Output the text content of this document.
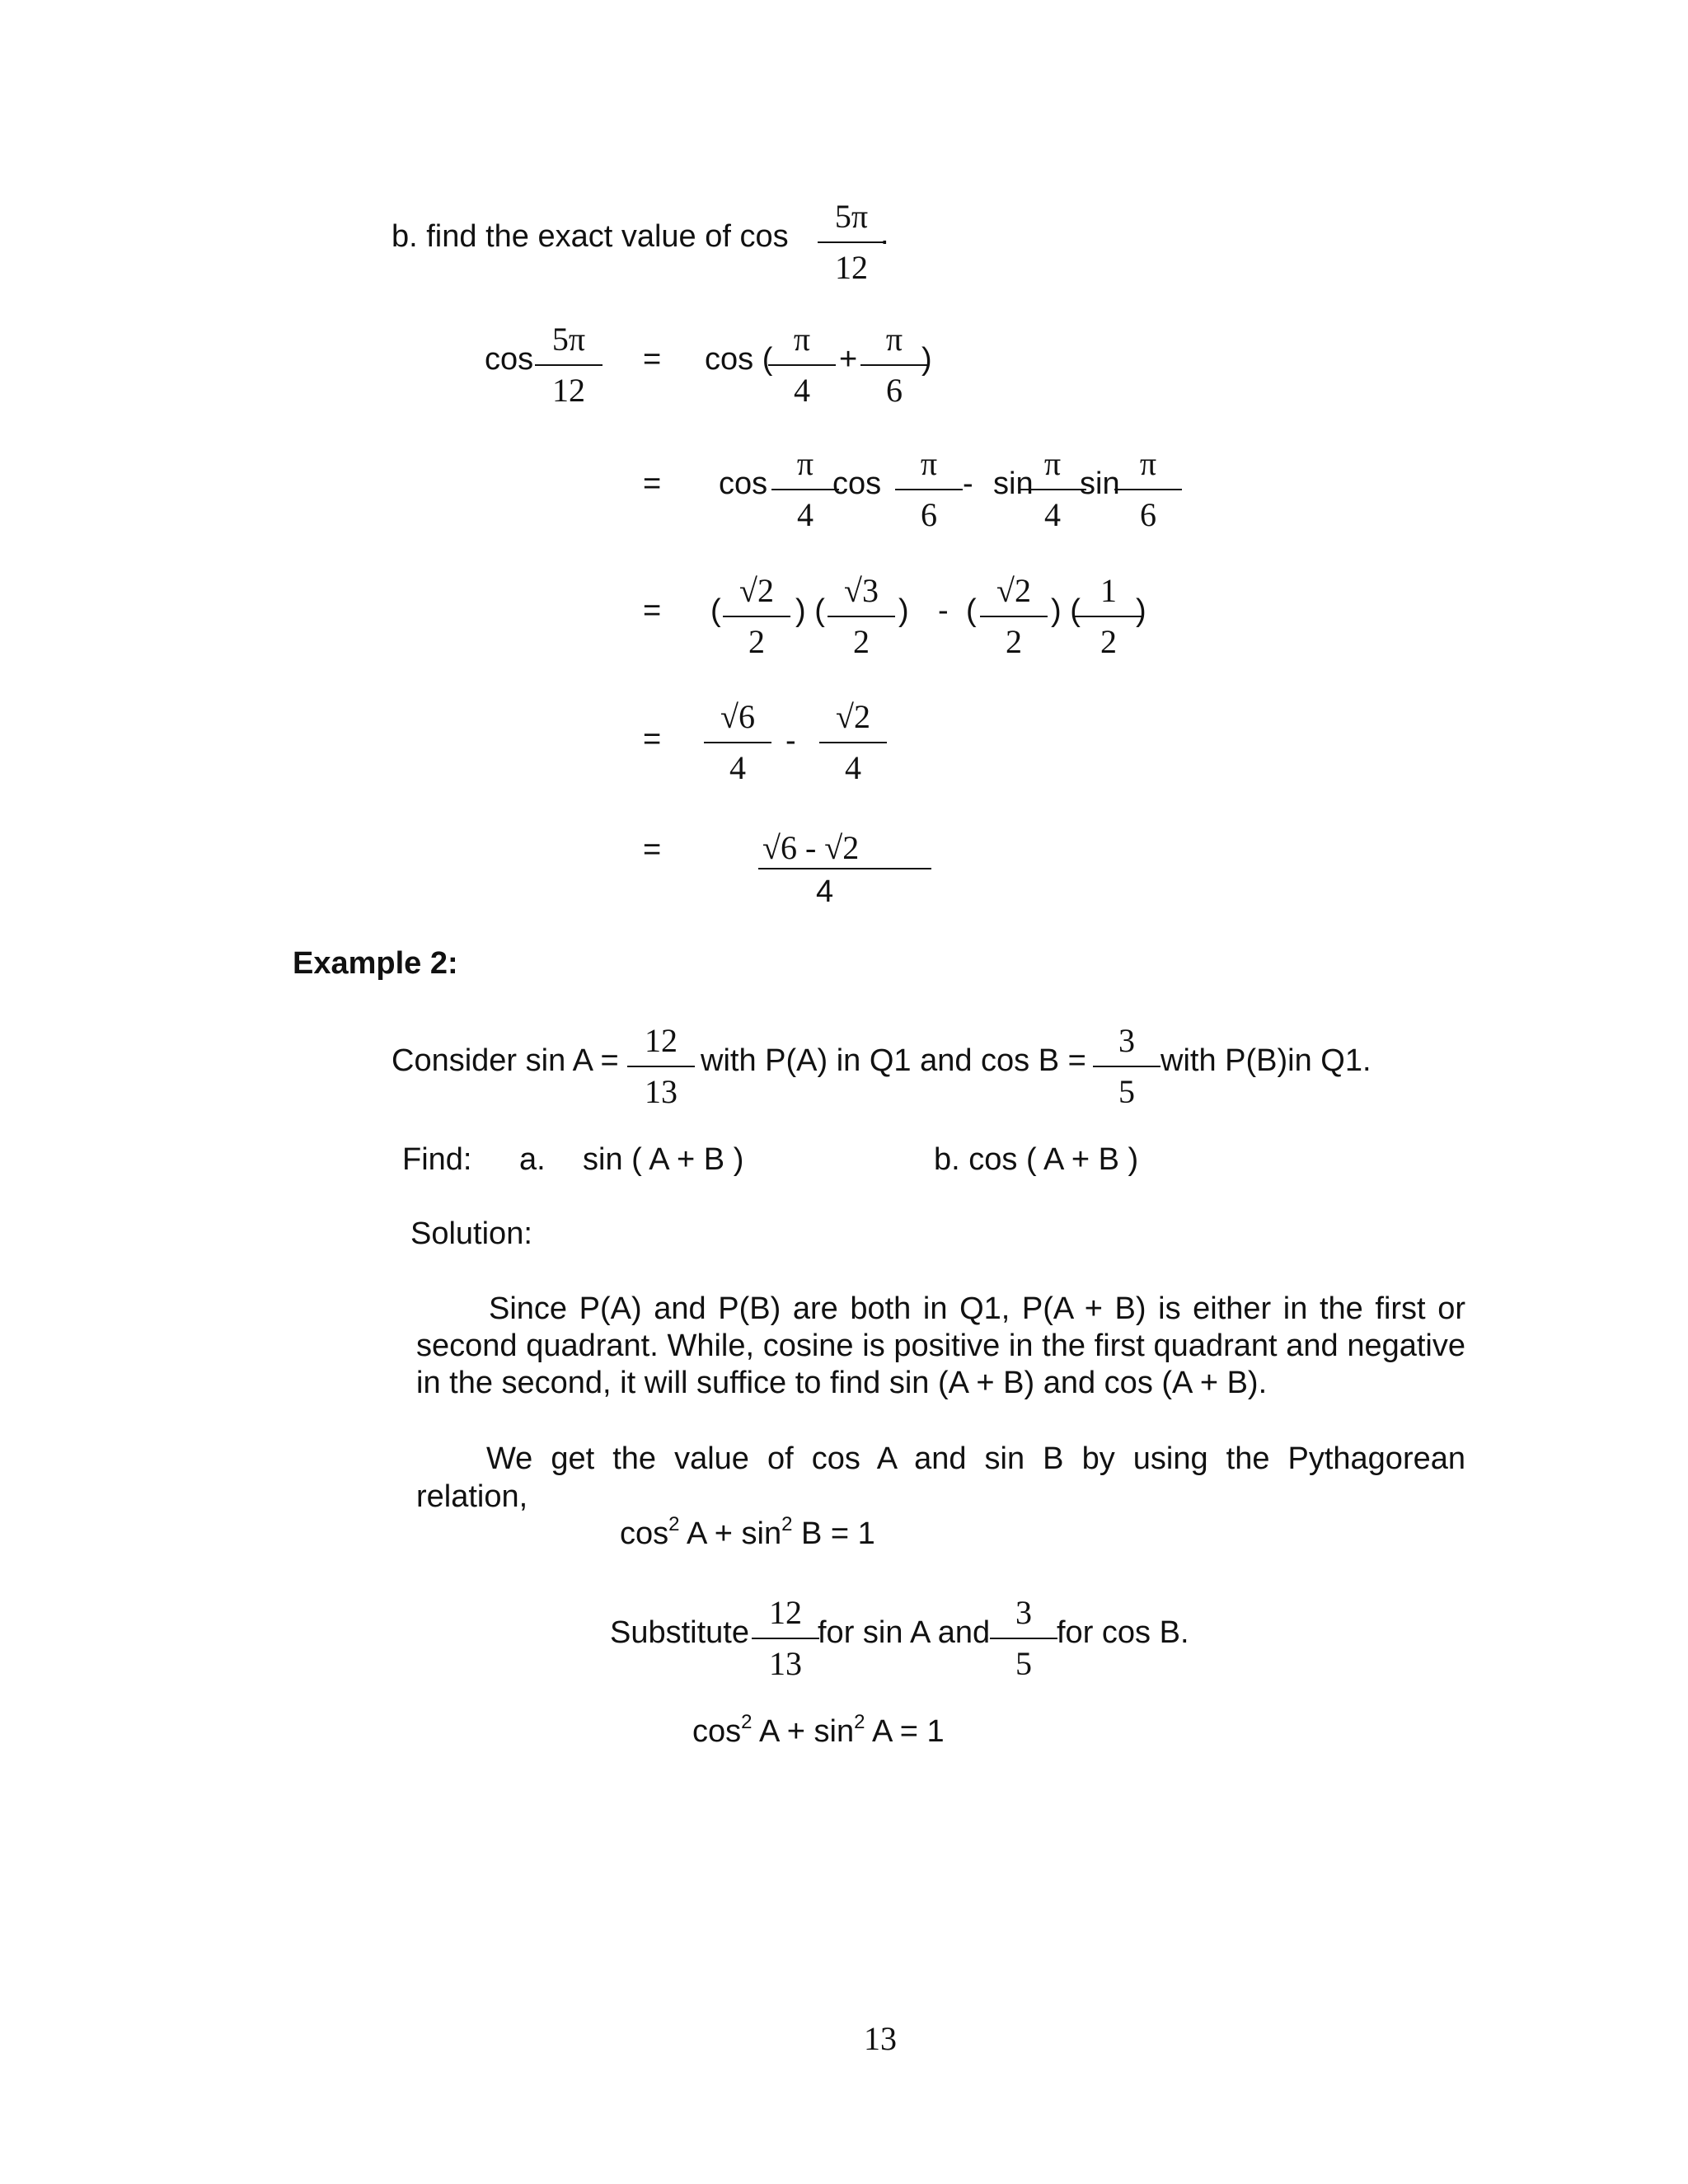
b. find the exact value of cos
5π
12
.
cos
5π
12
= cos (
π
4
+
π
6
)
= cos
π
4
cos
π
6
- sin
π
4
sin
π
6
= (
√2
2
) (
√3
2
) - (
√2
2
) (
1
2
)
=
√6
4
-
√2
4
=	√6 - √2
4
Example 2:
Consider sin A =
12
13
with P(A) in Q1 and cos B =
3
5
with P(B)in Q1.
Find: a. sin ( A + B )	b. cos ( A + B )
Solution:
Since P(A) and P(B) are both in Q1, P(A + B) is either in the first or second quadrant. While, cosine is positive in the first quadrant and negative in the second, it will suffice to find sin (A + B) and cos (A + B).
We get the value of cos A and sin B by using the Pythagorean
relation,
$\cos^2 A + \sin^2 B = 1$
Substitute
12
13
for sin A and
3
5
for cos B.
$\cos^2 A + \sin^2 A = 1$
13
